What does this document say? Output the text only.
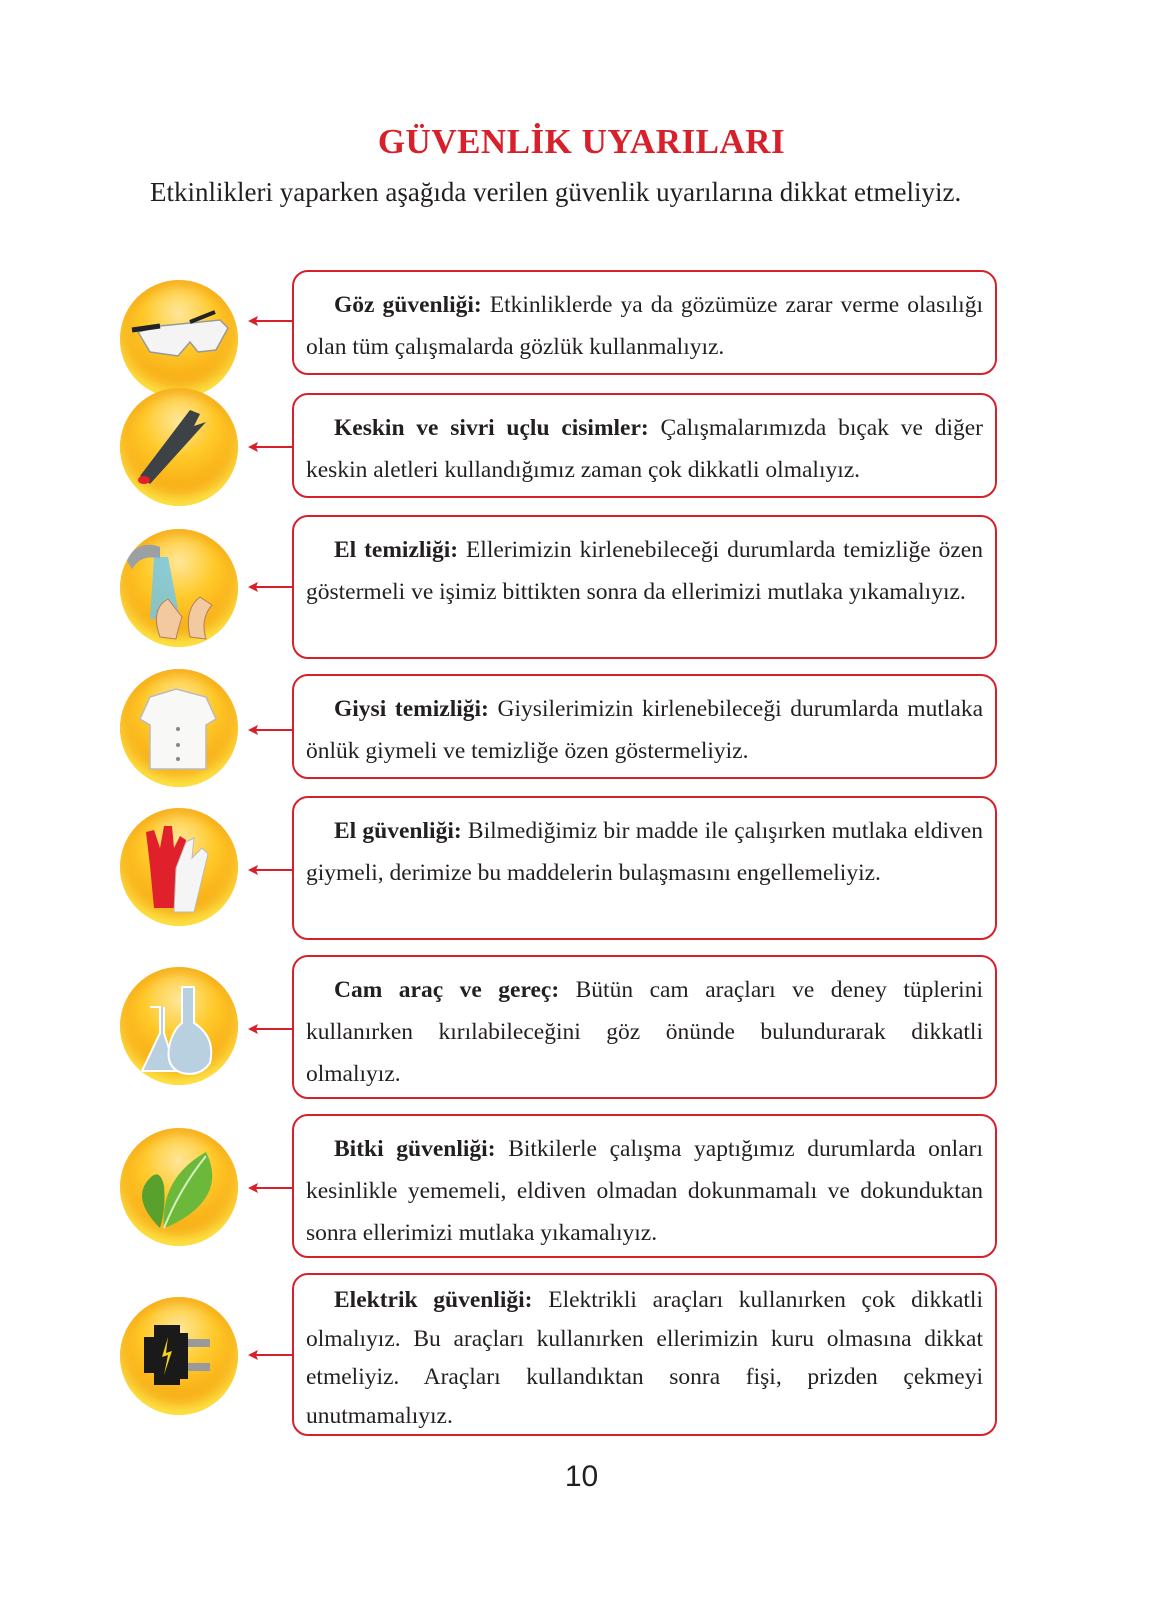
GÜVENLİK UYARILARI
Etkinlikleri yaparken aşağıda verilen güvenlik uyarılarına dikkat etmeliyiz.
Göz güvenliği: Etkinliklerde ya da gözümüze zarar verme olasılığı olan tüm çalışmalarda gözlük kullanmalıyız.
Keskin ve sivri uçlu cisimler: Çalışmalarımızda bıçak ve diğer keskin aletleri kullandığımız zaman çok dikkatli olmalıyız.
El temizliği: Ellerimizin kirlenebileceği durumlarda temizliğe özen göstermeli ve işimiz bittikten sonra da ellerimizi mutlaka yıkamalıyız.
Giysi temizliği: Giysilerimizin kirlenebileceği durumlarda mutlaka önlük giymeli ve temizliğe özen göstermeliyiz.
El güvenliği: Bilmediğimiz bir madde ile çalışırken mutlaka eldiven giymeli, derimize bu maddelerin bulaşmasını engellemeliyiz.
Cam araç ve gereç: Bütün cam araçları ve deney tüplerini kullanırken kırılabileceğini göz önünde bulundurarak dikkatli olmalıyız.
Bitki güvenliği: Bitkilerle çalışma yaptığımız durumlarda onları kesinlikle yememeli, eldiven olmadan dokunmamalı ve dokunduktan sonra ellerimizi mutlaka yıkamalıyız.
Elektrik güvenliği: Elektrikli araçları kullanırken çok dikkatli olmalıyız. Bu araçları kullanırken ellerimizin kuru olmasına dikkat etmeliyiz. Araçları kullandıktan sonra fişi, prizden çekmeyi unutmamalıyız.
10
